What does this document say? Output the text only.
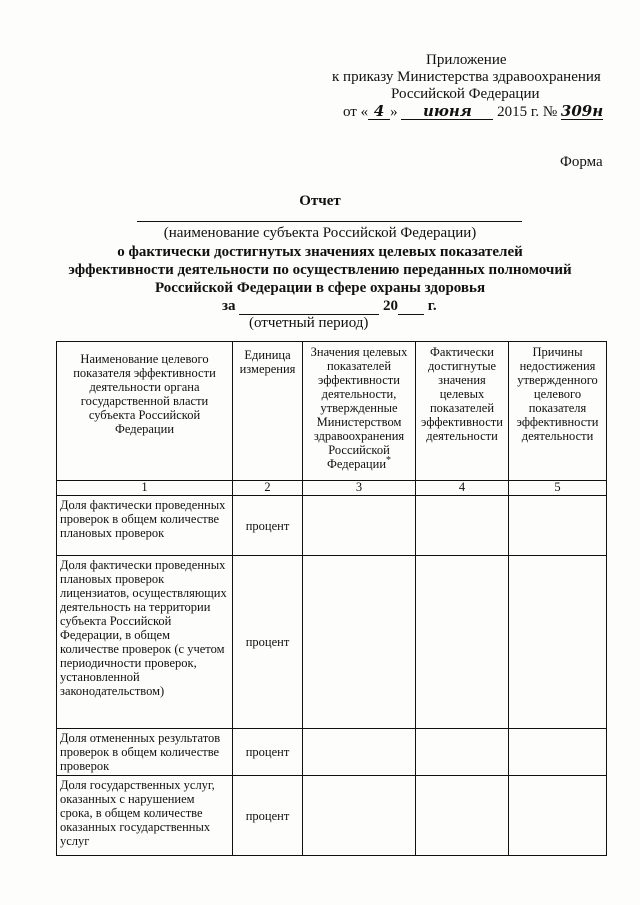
Приложение
к приказу Министерства здравоохранения
Российской Федерации
от « 4 » июня 2015 г. № 309н
Форма
Отчет
(наименование субъекта Российской Федерации)
о фактически достигнутых значениях целевых показателей
эффективности деятельности по осуществлению переданных полномочий
Российской Федерации в сфере охраны здоровья
за	20 г.
(отчетный период)
Наименование целевого показателя эффективности деятельности органа государственной власти субъекта Российской Федерации	Единица измерения	Значения целевых показателей эффективности деятельности, утвержденные Министерством здравоохранения Российской Федерации*	Фактически достигнутые значения целевых показателей эффективности деятельности	Причины недостижения утвержденного целевого показателя эффективности деятельности
1	2	3	4	5
Доля фактически проведенных проверок в общем количестве плановых проверок	процент			
Доля фактически проведенных плановых проверок лицензиатов, осуществляющих деятельность на территории субъекта Российской Федерации, в общем количестве проверок (с учетом периодичности проверок, установленной законодательством)	процент			
Доля отмененных результатов проверок в общем количестве проверок	процент			
Доля государственных услуг, оказанных с нарушением срока, в общем количестве оказанных государственных услуг	процент			
